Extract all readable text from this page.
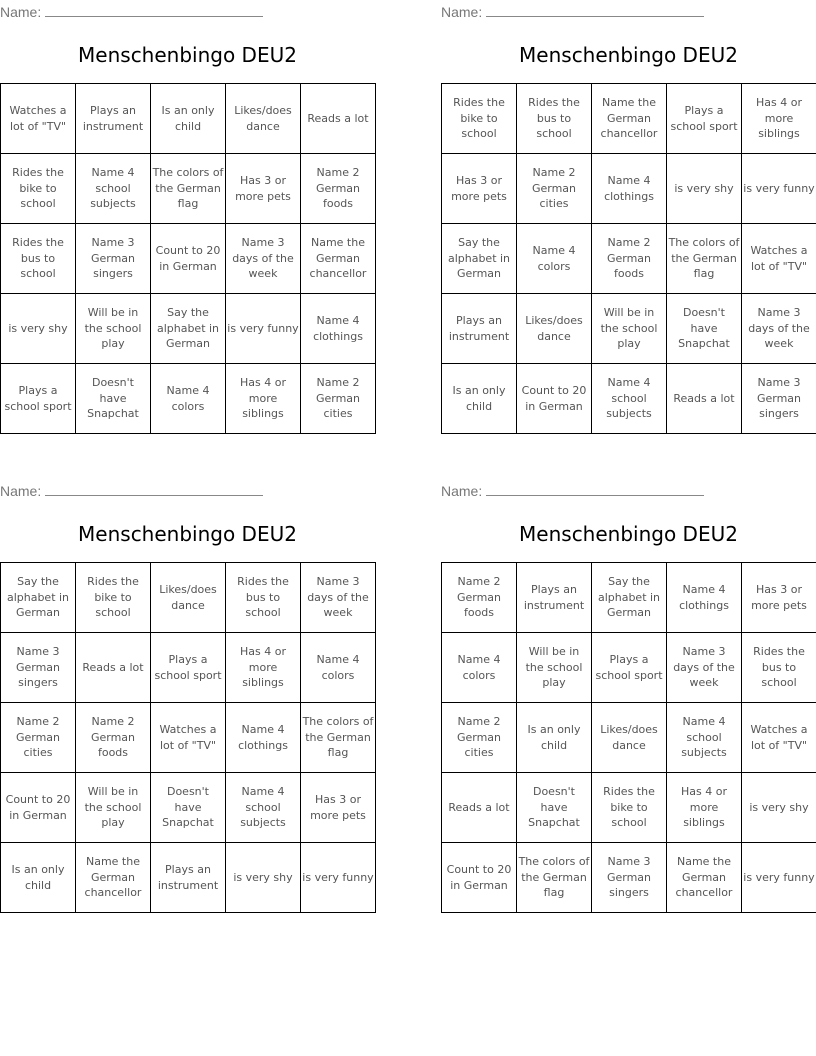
Name:
Menschenbingo DEU2
Watches a lot of "TV"	Plays an instrument	Is an only child	Likes/does dance	Reads a lot
Rides the bike to school	Name 4 school subjects	The colors of the German flag	Has 3 or more pets	Name 2 German foods
Rides the bus to school	Name 3 German singers	Count to 20 in German	Name 3 days of the week	Name the German chancellor
is very shy	Will be in the school play	Say the alphabet in German	is very funny	Name 4 clothings
Plays a school sport	Doesn't have Snapchat	Name 4 colors	Has 4 or more siblings	Name 2 German cities
Name:
Menschenbingo DEU2
Rides the bike to school	Rides the bus to school	Name the German chancellor	Plays a school sport	Has 4 or more siblings
Has 3 or more pets	Name 2 German cities	Name 4 clothings	is very shy	is very funny
Say the alphabet in German	Name 4 colors	Name 2 German foods	The colors of the German flag	Watches a lot of "TV"
Plays an instrument	Likes/does dance	Will be in the school play	Doesn't have Snapchat	Name 3 days of the week
Is an only child	Count to 20 in German	Name 4 school subjects	Reads a lot	Name 3 German singers
Name:
Menschenbingo DEU2
Say the alphabet in German	Rides the bike to school	Likes/does dance	Rides the bus to school	Name 3 days of the week
Name 3 German singers	Reads a lot	Plays a school sport	Has 4 or more siblings	Name 4 colors
Name 2 German cities	Name 2 German foods	Watches a lot of "TV"	Name 4 clothings	The colors of the German flag
Count to 20 in German	Will be in the school play	Doesn't have Snapchat	Name 4 school subjects	Has 3 or more pets
Is an only child	Name the German chancellor	Plays an instrument	is very shy	is very funny
Name:
Menschenbingo DEU2
Name 2 German foods	Plays an instrument	Say the alphabet in German	Name 4 clothings	Has 3 or more pets
Name 4 colors	Will be in the school play	Plays a school sport	Name 3 days of the week	Rides the bus to school
Name 2 German cities	Is an only child	Likes/does dance	Name 4 school subjects	Watches a lot of "TV"
Reads a lot	Doesn't have Snapchat	Rides the bike to school	Has 4 or more siblings	is very shy
Count to 20 in German	The colors of the German flag	Name 3 German singers	Name the German chancellor	is very funny
